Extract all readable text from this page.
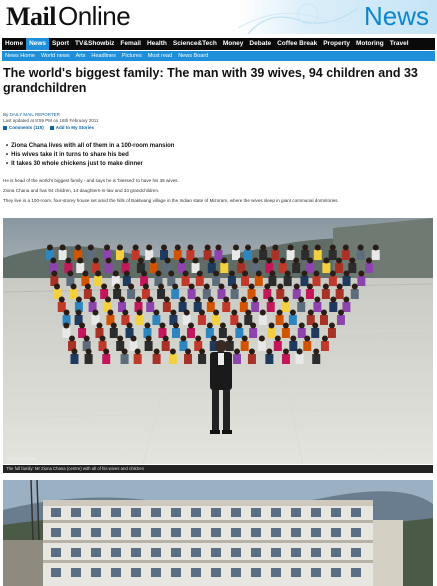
MailOnline	News
Home News Sport TV&Showbiz Femail Health Science&Tech Money Debate Coffee Break Property Motoring Travel
News Home	World news	Arts	Headlines	Pictures	Most read	News Board
The world's biggest family: The man with 39 wives, 94 children and 33 grandchildren
By DAILY MAIL REPORTER
Last updated at 8:59 PM on 16th February 2011
Comments (115)	Add to My Stories
• Ziona Chana lives with all of them in a 100-room mansion
• His wives take it in turns to share his bed
• It takes 30 whole chickens just to make dinner

He is head of the world's biggest family - and says he is 'blessed' to have his 39 wives.

Ziona Chana and has 94 children, 14 daughters-in-law and 33 grandchildren.

They live in a 100-room, four-storey house set amid the hills of Baktwang village in the Indian state of Mizoram, where the wives sleep in giant communal dormitories.

© Barcroft Media
The full family: Mr Ziona Chana (centre) with all of his wives and children
